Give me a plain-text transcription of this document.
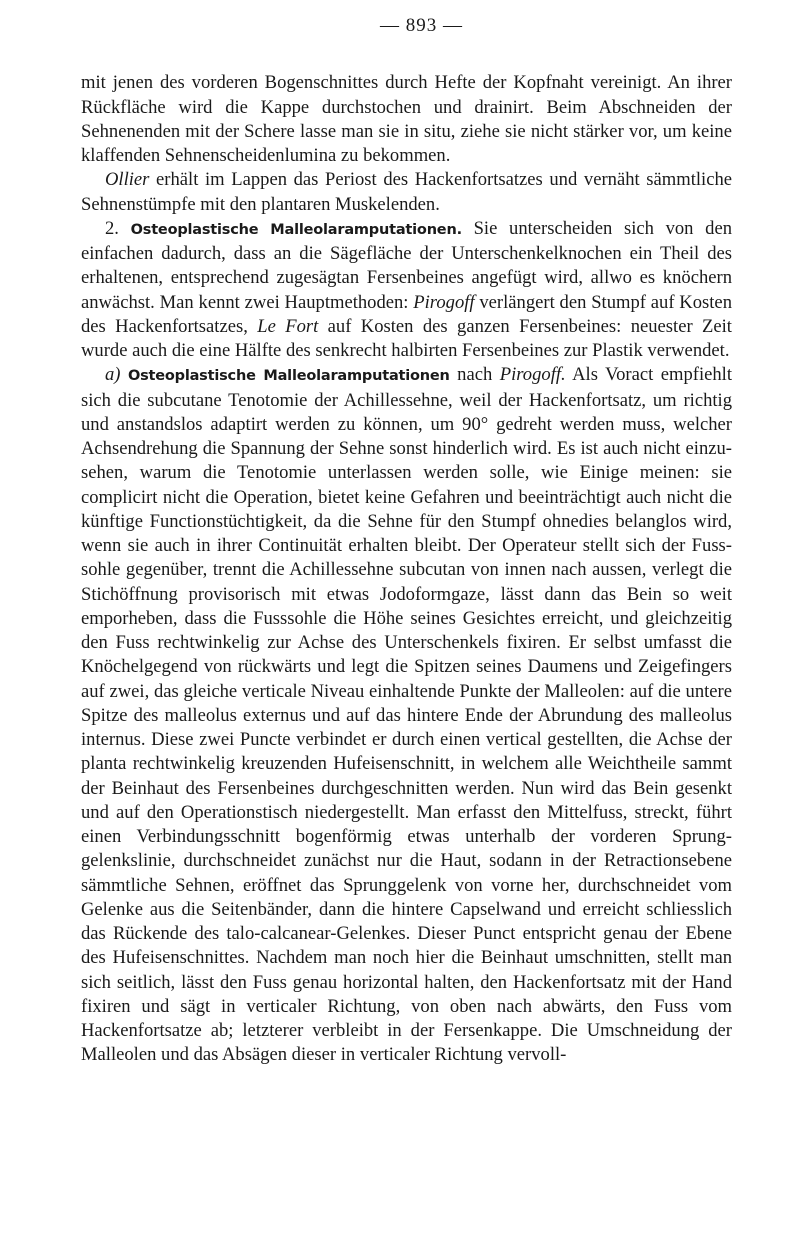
— 893 —

mit jenen des vorderen Bogenschnittes durch Hefte der Kopfnaht vereinigt. An ihrer Rückfläche wird die Kappe durchstochen und drainirt. Beim Abschneiden der Sehnenenden mit der Schere lasse man sie in situ, ziehe sie nicht stärker vor, um keine klaffenden Sehnenscheidenlumina zu bekommen.

Ollier erhält im Lappen das Periost des Hackenfortsatzes und vernäht sämmtliche Sehnenstümpfe mit den plantaren Muskelenden.

2. Osteoplastische Malleolaramputationen. Sie unterscheiden sich von den einfachen dadurch, dass an die Sägefläche der Unterschenkelknochen ein Theil des erhaltenen, entsprechend zugesägtan Fersenbeines angefügt wird, allwo es knöchern anwächst. Man kennt zwei Hauptmethoden: Pirogoff verlängert den Stumpf auf Kosten des Hackenfortsatzes, Le Fort auf Kosten des ganzen Fersenbeines: neuester Zeit wurde auch die eine Hälfte des senkrecht halbirten Fersenbeines zur Plastik verwendet.

a) Osteoplastische Malleolaramputationen nach Pirogoff. Als Voract empfiehlt sich die subcutane Tenotomie der Achillessehne, weil der Hackenfortsatz, um richtig und anstandslos adaptirt werden zu können, um 90° gedreht werden muss, welcher Achsendrehung die Spannung der Sehne sonst hinderlich wird. Es ist auch nicht einzusehen, warum die Tenotomie unterlassen werden solle, wie Einige meinen: sie complicirt nicht die Operation, bietet keine Gefahren und beeinträchtigt auch nicht die künftige Functionstüchtigkeit, da die Sehne für den Stumpf ohnedies belanglos wird, wenn sie auch in ihrer Continuität erhalten bleibt. Der Operateur stellt sich der Fusssohle gegenüber, trennt die Achillessehne subcutan von innen nach aussen, verlegt die Stichöffnung provisorisch mit etwas Jodoformgaze, lässt dann das Bein so weit emporheben, dass die Fusssohle die Höhe seines Gesichtes erreicht, und gleichzeitig den Fuss rechtwinkelig zur Achse des Unterschenkels fixiren. Er selbst umfasst die Knöchelgegend von rückwärts und legt die Spitzen seines Daumens und Zeigefingers auf zwei, das gleiche verticale Niveau einhaltende Punkte der Malleolen: auf die untere Spitze des malleolus externus und auf das hintere Ende der Abrundung des malleolus internus. Diese zwei Puncte verbindet er durch einen vertical gestellten, die Achse der planta rechtwinkelig kreuzenden Hufeisenschnitt, in welchem alle Weichtheile sammt der Beinhaut des Fersenbeines durchgeschnitten werden. Nun wird das Bein gesenkt und auf den Operationstisch niedergestellt. Man erfasst den Mittelfuss, streckt, führt einen Verbindungsschnitt bogenförmig etwas unterhalb der vorderen Sprunggelenkslinie, durchschneidet zunächst nur die Haut, sodann in der Retractionsebene sämmtliche Sehnen, eröffnet das Sprunggelenk von vorne her, durchschneidet vom Gelenke aus die Seitenbänder, dann die hintere Capselwand und erreicht schliesslich das Rückende des talo-calcanear-Gelenkes. Dieser Punct entspricht genau der Ebene des Hufeisenschnittes. Nachdem man noch hier die Beinhaut umschnitten, stellt man sich seitlich, lässt den Fuss genau horizontal halten, den Hackenfortsatz mit der Hand fixiren und sägt in verticaler Richtung, von oben nach abwärts, den Fuss vom Hackenfortsatze ab; letzterer verbleibt in der Fersenkappe. Die Umschneidung der Malleolen und das Absägen dieser in verticaler Richtung vervoll-
